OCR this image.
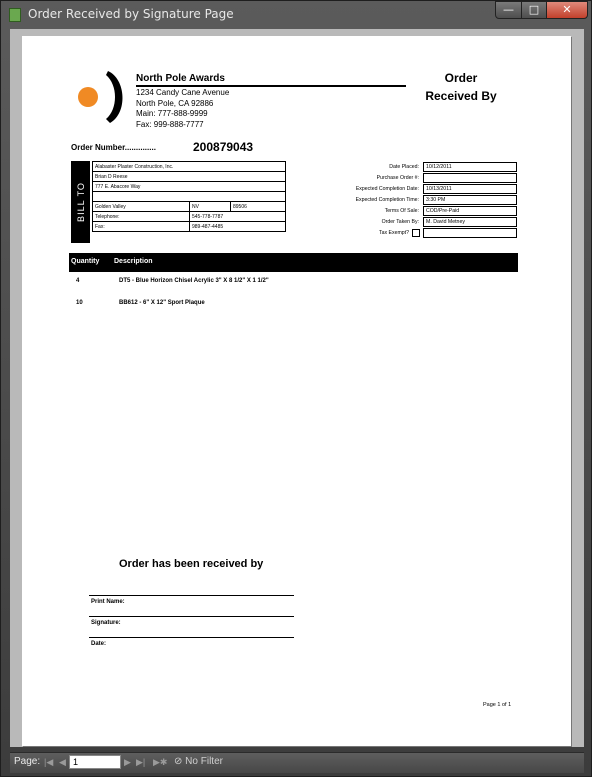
Order Received by Signature Page	—	□	✕
North Pole Awards
1234 Candy Cane Avenue
North Pole, CA 92886
Main: 777-888-9999
Fax: 999-888-7777
Order
Received By
Order Number..............	200879043
BILL TO
Alabaster Plaster Construction, Inc.		
Brian D Reese		
777 E. Abacore Way		

Golden Valley	NV	89506
Telephone:	545-778-7787	
Fax:	989-487-4485	
Date Placed:	10/12/2011
Purchase Order #:
Expected Completion Date:	10/13/2011
Expected Completion Time:	3:30 PM
Terms Of Sale:	COD/Pre-Paid
Order Taken By:	M. David Metney
Tax Exempt?
Quantity Description
4	DT5 - Blue Horizon Chisel Acrylic 3" X 8 1/2" X 1 1/2"
10	BB612 - 6" X 12" Sport Plaque
Order has been received by
Print Name:
Signature:
Date:
Page 1 of 1
Page: |◀ ◀ 1	▶ ▶| ▶✱ ⊘ No Filter
